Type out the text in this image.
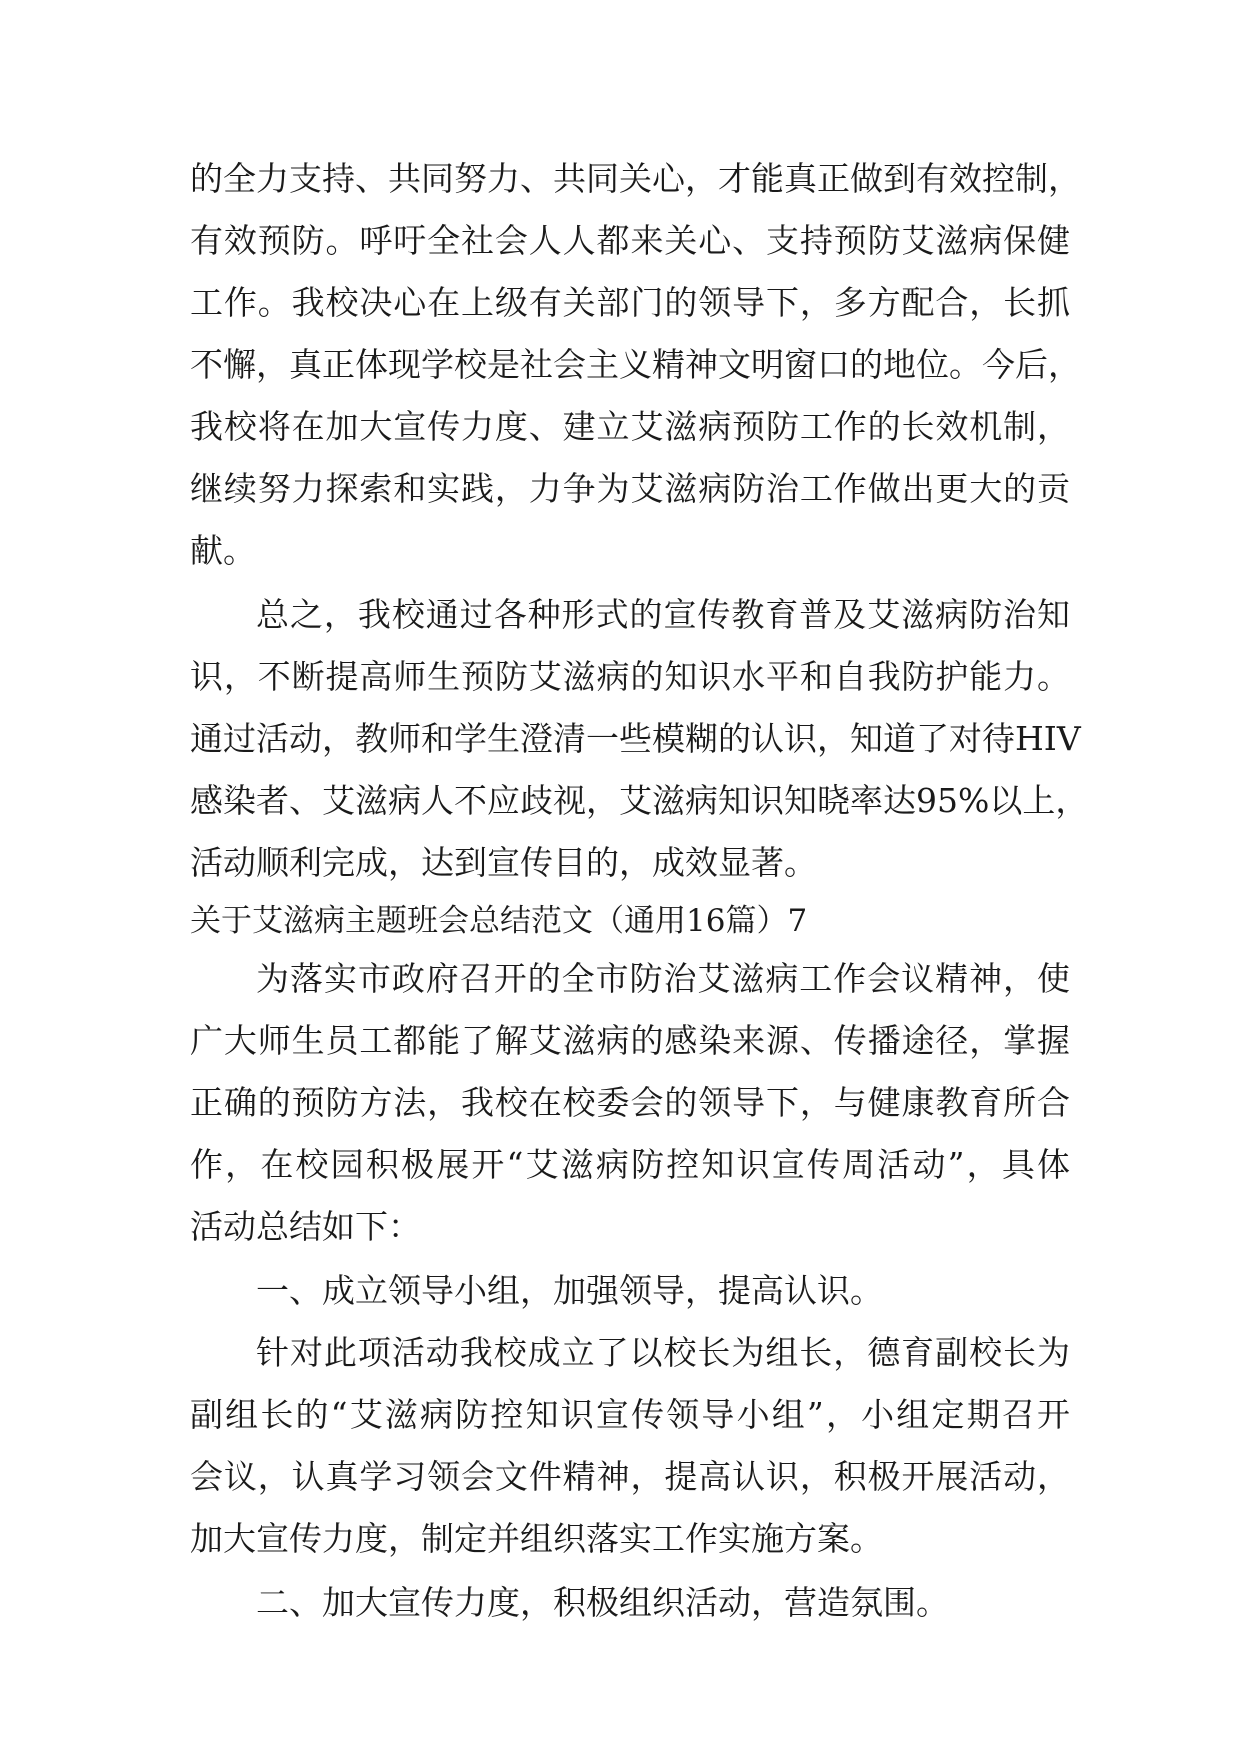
的全力支持、共同努力、共同关心，才能真正做到有效控制，
有效预防。呼吁全社会人人都来关心、支持预防艾滋病保健
工作。我校决心在上级有关部门的领导下，多方配合，长抓
不懈，真正体现学校是社会主义精神文明窗口的地位。今后，
我校将在加大宣传力度、建立艾滋病预防工作的长效机制，
继续努力探索和实践，力争为艾滋病防治工作做出更大的贡
献。
总之，我校通过各种形式的宣传教育普及艾滋病防治知
识，不断提高师生预防艾滋病的知识水平和自我防护能力。
通过活动，教师和学生澄清一些模糊的认识，知道了对待HIV
感染者、艾滋病人不应歧视，艾滋病知识知晓率达95%以上，
活动顺利完成，达到宣传目的，成效显著。
关于艾滋病主题班会总结范文（通用16篇）7
为落实市政府召开的全市防治艾滋病工作会议精神，使
广大师生员工都能了解艾滋病的感染来源、传播途径，掌握
正确的预防方法，我校在校委会的领导下，与健康教育所合
作，在校园积极展开“艾滋病防控知识宣传周活动”，具体
活动总结如下：
一、成立领导小组，加强领导，提高认识。
针对此项活动我校成立了以校长为组长，德育副校长为
副组长的“艾滋病防控知识宣传领导小组”，小组定期召开
会议，认真学习领会文件精神，提高认识，积极开展活动，
加大宣传力度，制定并组织落实工作实施方案。
二、加大宣传力度，积极组织活动，营造氛围。
